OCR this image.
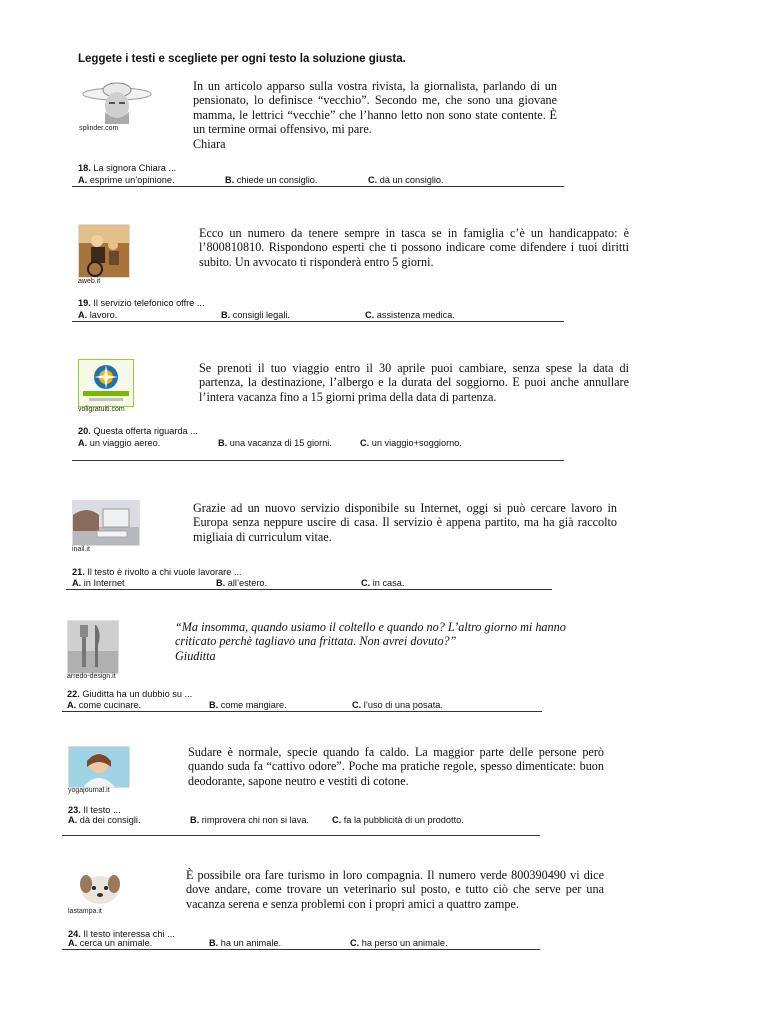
Leggete i testi e scegliete per ogni testo la soluzione giusta.
splinder.com

In un articolo apparso sulla vostra rivista, la giornalista, parlando di un pensionato, lo definisce “vecchio”. Secondo me, che sono una giovane mamma, le lettrici “vecchie” che l’hanno letto non sono state contente. È un termine ormai offensivo, mi pare.

Chiara

18. La signora Chiara ...
A. esprime un’opinione.	B. chiede un consiglio.	C. dà un consiglio.
aweb.it

Ecco un numero da tenere sempre in tasca se in famiglia c’è un handicappato: è l’800810810. Rispondono esperti che ti possono indicare come difendere i tuoi diritti subito. Un avvocato ti risponderà entro 5 giorni.

19. Il servizio telefonico offre ...
A. lavoro.	B. consigli legali.	C. assistenza medica.
voligratuiti.com

Se prenoti il tuo viaggio entro il 30 aprile puoi cambiare, senza spese la data di partenza, la destinazione, l’albergo e la durata del soggiorno. E puoi anche annullare l’intera vacanza fino a 15 giorni prima della data di partenza.

20. Questa offerta riguarda ...
A. un viaggio aereo.	B. una vacanza di 15 giorni.	C. un viaggio+soggiorno.
inail.it

Grazie ad un nuovo servizio disponibile su Internet, oggi si può cercare lavoro in Europa senza neppure uscire di casa. Il servizio è appena partito, ma ha già raccolto migliaia di curriculum vitae.

21. Il testo è rivolto a chi vuole lavorare ...
A. in Internet	B. all’estero.	C. in casa.
arredo-design.it

“Ma insomma, quando usiamo il coltello e quando no? L’altro giorno mi hanno criticato perchè tagliavo una frittata. Non avrei dovuto?”

Giuditta

22. Giuditta ha un dubbio su ...
A. come cucinare.	B. come mangiare.	C. l’uso di una posata.
yogajournal.it

Sudare è normale, specie quando fa caldo. La maggior parte delle persone però quando suda fa “cattivo odore”. Poche ma pratiche regole, spesso dimenticate: buon deodorante, sapone neutro e vestiti di cotone.

23. Il testo ...
A. dà dei consigli.	B. rimprovera chi non si lava.	C. fa la pubblicità di un prodotto.
lastampa.it

È possibile ora fare turismo in loro compagnia. Il numero verde 800390490 vi dice dove andare, come trovare un veterinario sul posto, e tutto ciò che serve per una vacanza serena e senza problemi con i propri amici a quattro zampe.

24. Il testo interessa chi ...
A. cerca un animale.	B. ha un animale.	C. ha perso un animale.
